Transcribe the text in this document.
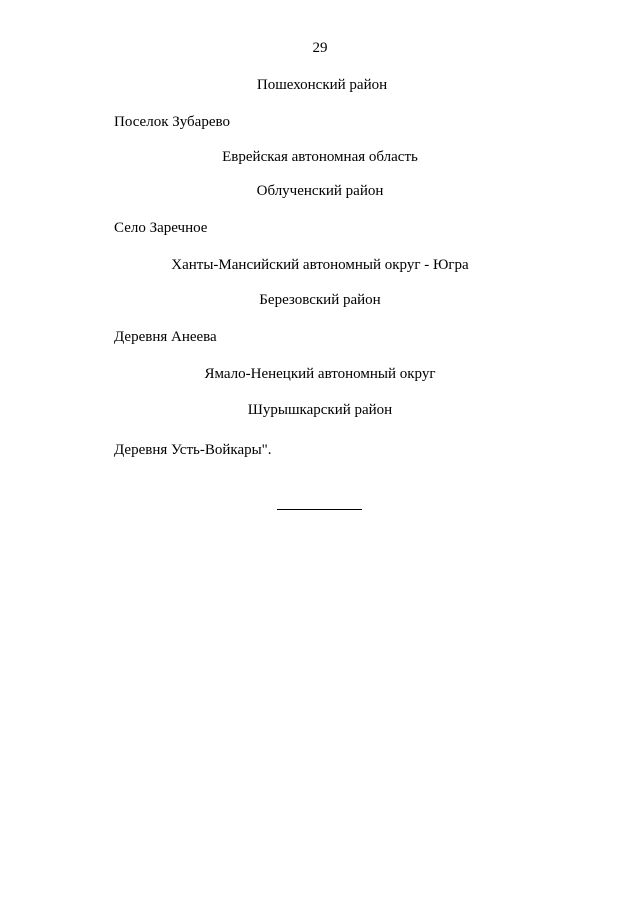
29
Пошехонский район
Поселок Зубарево
Еврейская автономная область
Облученский район
Село Заречное
Ханты-Мансийский автономный округ - Югра
Березовский район
Деревня Анеева
Ямало-Ненецкий автономный округ
Шурышкарский район
Деревня Усть-Войкары".
